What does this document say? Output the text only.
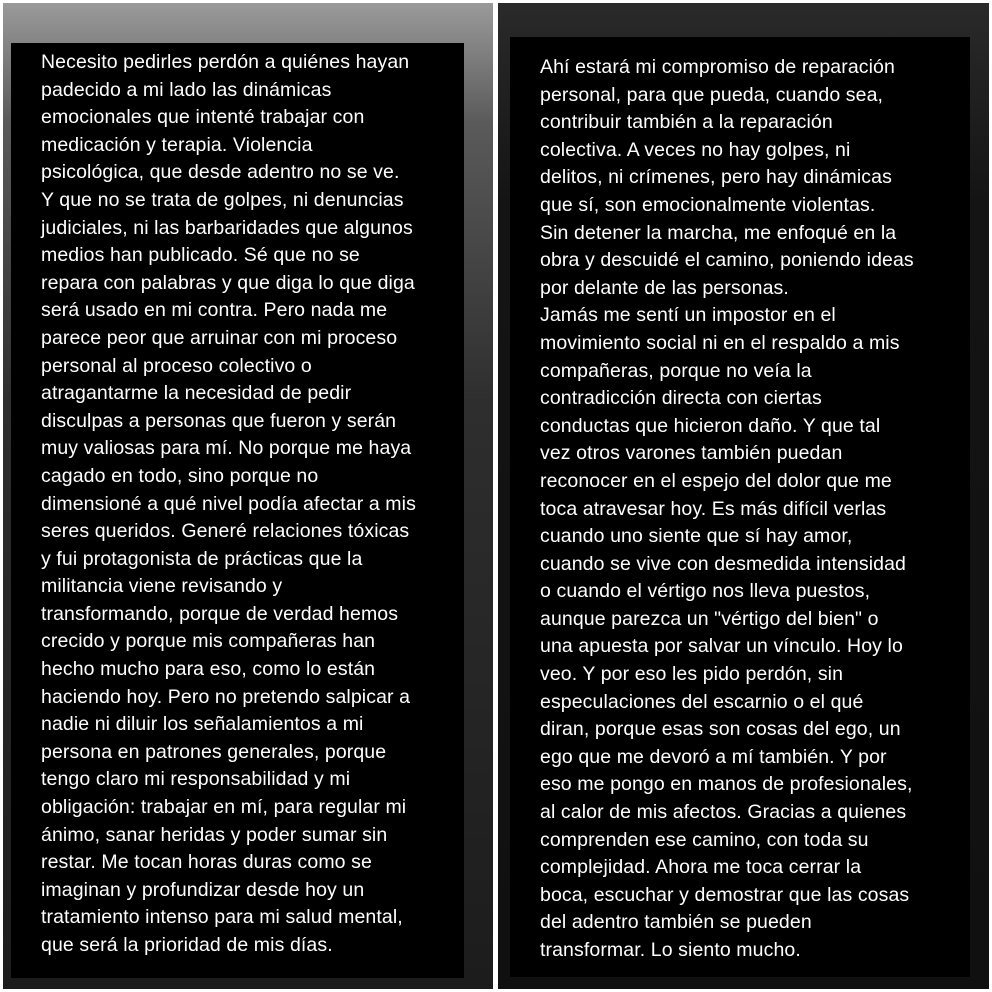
Necesito pedirles perdón a quiénes hayan
padecido a mi lado las dinámicas
emocionales que intenté trabajar con
medicación y terapia. Violencia
psicológica, que desde adentro no se ve.
Y que no se trata de golpes, ni denuncias
judiciales, ni las barbaridades que algunos
medios han publicado. Sé que no se
repara con palabras y que diga lo que diga
será usado en mi contra. Pero nada me
parece peor que arruinar con mi proceso
personal al proceso colectivo o
atragantarme la necesidad de pedir
disculpas a personas que fueron y serán
muy valiosas para mí. No porque me haya
cagado en todo, sino porque no
dimensioné a qué nivel podía afectar a mis
seres queridos. Generé relaciones tóxicas
y fui protagonista de prácticas que la
militancia viene revisando y
transformando, porque de verdad hemos
crecido y porque mis compañeras han
hecho mucho para eso, como lo están
haciendo hoy. Pero no pretendo salpicar a
nadie ni diluir los señalamientos a mi
persona en patrones generales, porque
tengo claro mi responsabilidad y mi
obligación: trabajar en mí, para regular mi
ánimo, sanar heridas y poder sumar sin
restar. Me tocan horas duras como se
imaginan y profundizar desde hoy un
tratamiento intenso para mi salud mental,
que será la prioridad de mis días.
Ahí estará mi compromiso de reparación
personal, para que pueda, cuando sea,
contribuir también a la reparación
colectiva. A veces no hay golpes, ni
delitos, ni crímenes, pero hay dinámicas
que sí, son emocionalmente violentas.
Sin detener la marcha, me enfoqué en la
obra y descuidé el camino, poniendo ideas
por delante de las personas.
Jamás me sentí un impostor en el
movimiento social ni en el respaldo a mis
compañeras, porque no veía la
contradicción directa con ciertas
conductas que hicieron daño. Y que tal
vez otros varones también puedan
reconocer en el espejo del dolor que me
toca atravesar hoy. Es más difícil verlas
cuando uno siente que sí hay amor,
cuando se vive con desmedida intensidad
o cuando el vértigo nos lleva puestos,
aunque parezca un "vértigo del bien" o
una apuesta por salvar un vínculo. Hoy lo
veo. Y por eso les pido perdón, sin
especulaciones del escarnio o el qué
diran, porque esas son cosas del ego, un
ego que me devoró a mí también. Y por
eso me pongo en manos de profesionales,
al calor de mis afectos. Gracias a quienes
comprenden ese camino, con toda su
complejidad. Ahora me toca cerrar la
boca, escuchar y demostrar que las cosas
del adentro también se pueden
transformar. Lo siento mucho.
